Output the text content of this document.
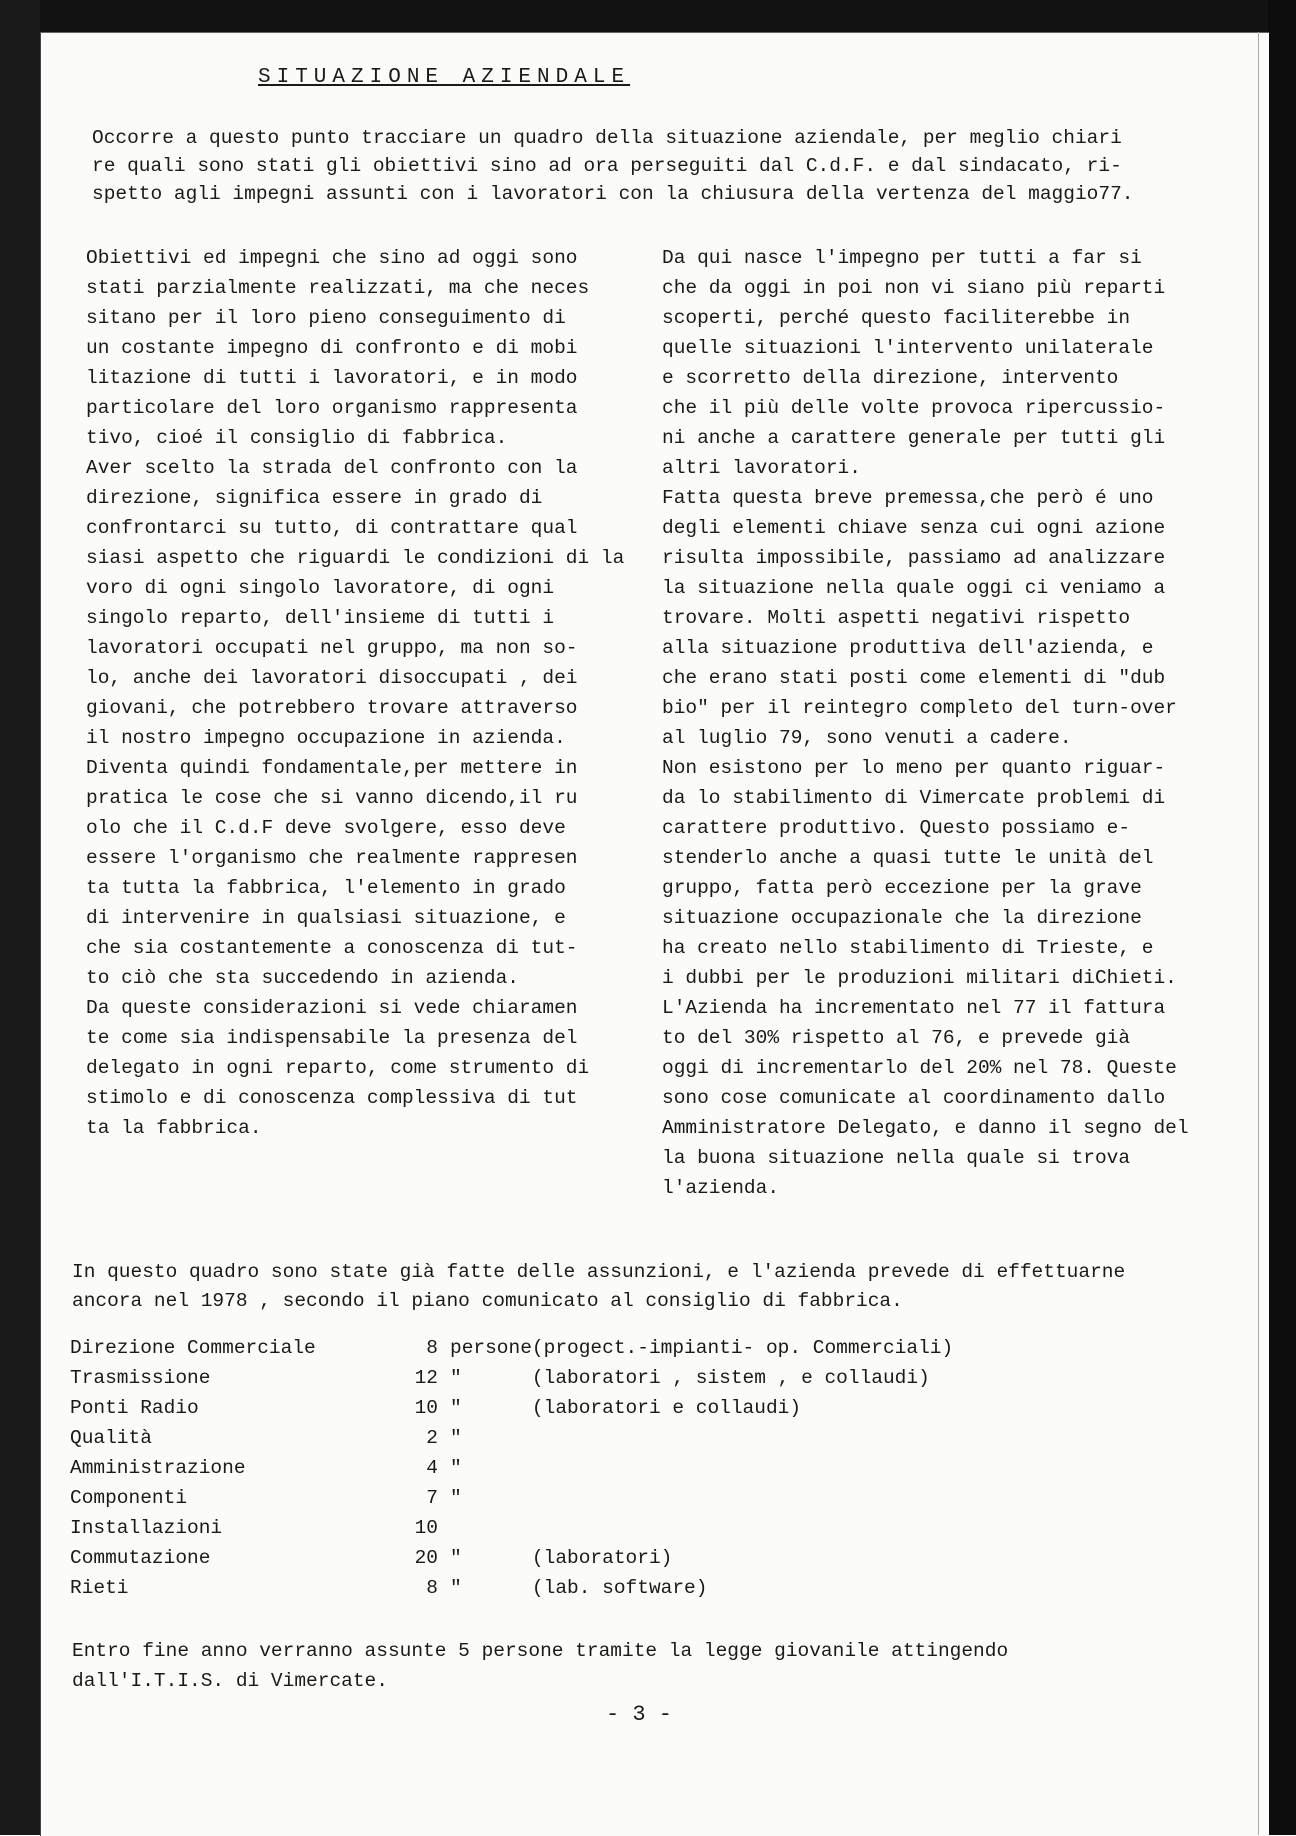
SITUAZIONE AZIENDALE
Occorre a questo punto tracciare un quadro della situazione aziendale, per meglio chiari
re quali sono stati gli obiettivi sino ad ora perseguiti dal C.d.F. e dal sindacato, ri-
spetto agli impegni assunti con i lavoratori con la chiusura della vertenza del maggio77.
Obiettivi ed impegni che sino ad oggi sono
stati parzialmente realizzati, ma che neces
sitano per il loro pieno conseguimento di
un costante impegno di confronto e di mobi
litazione di tutti i lavoratori, e in modo
particolare del loro organismo rappresenta
tivo, cioé il consiglio di fabbrica.
Aver scelto la strada del confronto con la
direzione, significa essere in grado di
confrontarci su tutto, di contrattare qual
siasi aspetto che riguardi le condizioni di la
voro di ogni singolo lavoratore, di ogni
singolo reparto, dell'insieme di tutti i
lavoratori occupati nel gruppo, ma non so-
lo, anche dei lavoratori disoccupati , dei
giovani, che potrebbero trovare attraverso
il nostro impegno occupazione in azienda.
Diventa quindi fondamentale,per mettere in
pratica le cose che si vanno dicendo,il ru
olo che il C.d.F deve svolgere, esso deve
essere l'organismo che realmente rappresen
ta tutta la fabbrica, l'elemento in grado
di intervenire in qualsiasi situazione, e
che sia costantemente a conoscenza di tut-
to ciò che sta succedendo in azienda.
Da queste considerazioni si vede chiaramen
te come sia indispensabile la presenza del
delegato in ogni reparto, come strumento di
stimolo e di conoscenza complessiva di tut
ta la fabbrica.
Da qui nasce l'impegno per tutti a far si
che da oggi in poi non vi siano più reparti
scoperti, perché questo faciliterebbe in
quelle situazioni l'intervento unilaterale
e scorretto della direzione, intervento
che il più delle volte provoca ripercussio-
ni anche a carattere generale per tutti gli
altri lavoratori.
Fatta questa breve premessa,che però é uno
degli elementi chiave senza cui ogni azione
risulta impossibile, passiamo ad analizzare
la situazione nella quale oggi ci veniamo a
trovare. Molti aspetti negativi rispetto
alla situazione produttiva dell'azienda, e
che erano stati posti come elementi di "dub
bio" per il reintegro completo del turn-over
al luglio 79, sono venuti a cadere.
Non esistono per lo meno per quanto riguar-
da lo stabilimento di Vimercate problemi di
carattere produttivo. Questo possiamo e-
stenderlo anche a quasi tutte le unità del
gruppo, fatta però eccezione per la grave
situazione occupazionale che la direzione
ha creato nello stabilimento di Trieste, e
i dubbi per le produzioni militari diChieti.
L'Azienda ha incrementato nel 77 il fattura
to del 30% rispetto al 76, e prevede già
oggi di incrementarlo del 20% nel 78. Queste
sono cose comunicate al coordinamento dallo
Amministratore Delegato, e danno il segno del
la buona situazione nella quale si trova
l'azienda.
In questo quadro sono state già fatte delle assunzioni, e l'azienda prevede di effettuarne
ancora nel 1978 , secondo il piano comunicato al consiglio di fabbrica.
Direzione Commerciale	8	persone	(progect.-impianti- op. Commerciali)
Trasmissione	12	"	(laboratori , sistem , e collaudi)
Ponti Radio	10	"	(laboratori e collaudi)
Qualità	2	"	
Amministrazione	4	"	
Componenti	7	"	
Installazioni	10		
Commutazione	20	"	(laboratori)
Rieti	8	"	(lab. software)
Entro fine anno verranno assunte 5 persone tramite la legge giovanile attingendo
dall'I.T.I.S. di Vimercate.
- 3 -
